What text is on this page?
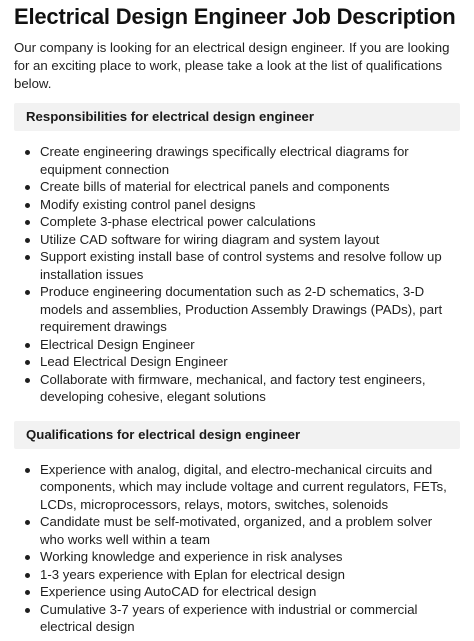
Electrical Design Engineer Job Description

Our company is looking for an electrical design engineer. If you are looking for an exciting place to work, please take a look at the list of qualifications below.

Responsibilities for electrical design engineer
Create engineering drawings specifically electrical diagrams for equipment connection
Create bills of material for electrical panels and components
Modify existing control panel designs
Complete 3-phase electrical power calculations
Utilize CAD software for wiring diagram and system layout
Support existing install base of control systems and resolve follow up installation issues
Produce engineering documentation such as 2-D schematics, 3-D models and assemblies, Production Assembly Drawings (PADs), part requirement drawings
Electrical Design Engineer
Lead Electrical Design Engineer
Collaborate with firmware, mechanical, and factory test engineers, developing cohesive, elegant solutions
Qualifications for electrical design engineer
Experience with analog, digital, and electro-mechanical circuits and components, which may include voltage and current regulators, FETs, LCDs, microprocessors, relays, motors, switches, solenoids
Candidate must be self-motivated, organized, and a problem solver who works well within a team
Working knowledge and experience in risk analyses
1-3 years experience with Eplan for electrical design
Experience using AutoCAD for electrical design
Cumulative 3-7 years of experience with industrial or commercial electrical design
